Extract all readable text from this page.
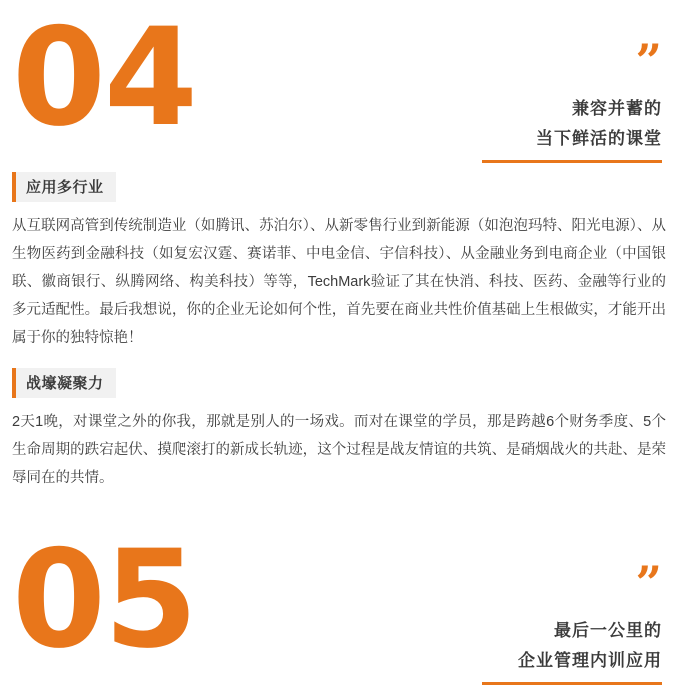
04	”
兼容并蓄的
当下鲜活的课堂
应用多行业

从互联网高管到传统制造业（如腾讯、苏泊尔）、从新零售行业到新能源（如泡泡玛特、阳光电源）、从生物医药到金融科技（如复宏汉霆、赛诺菲、中电金信、宇信科技）、从金融业务到电商企业（中国银联、徽商银行、纵腾网络、构美科技）等等，TechMark验证了其在快消、科技、医药、金融等行业的多元适配性。最后我想说，你的企业无论如何个性，首先要在商业共性价值基础上生根做实，才能开出属于你的独特惊艳！

战壕凝聚力

2天1晚，对课堂之外的你我，那就是别人的一场戏。而对在课堂的学员，那是跨越6个财务季度、5个生命周期的跌宕起伏、摸爬滚打的新成长轨迹，这个过程是战友情谊的共筑、是硝烟战火的共赴、是荣辱同在的共情。

05	”
最后一公里的
企业管理内训应用
